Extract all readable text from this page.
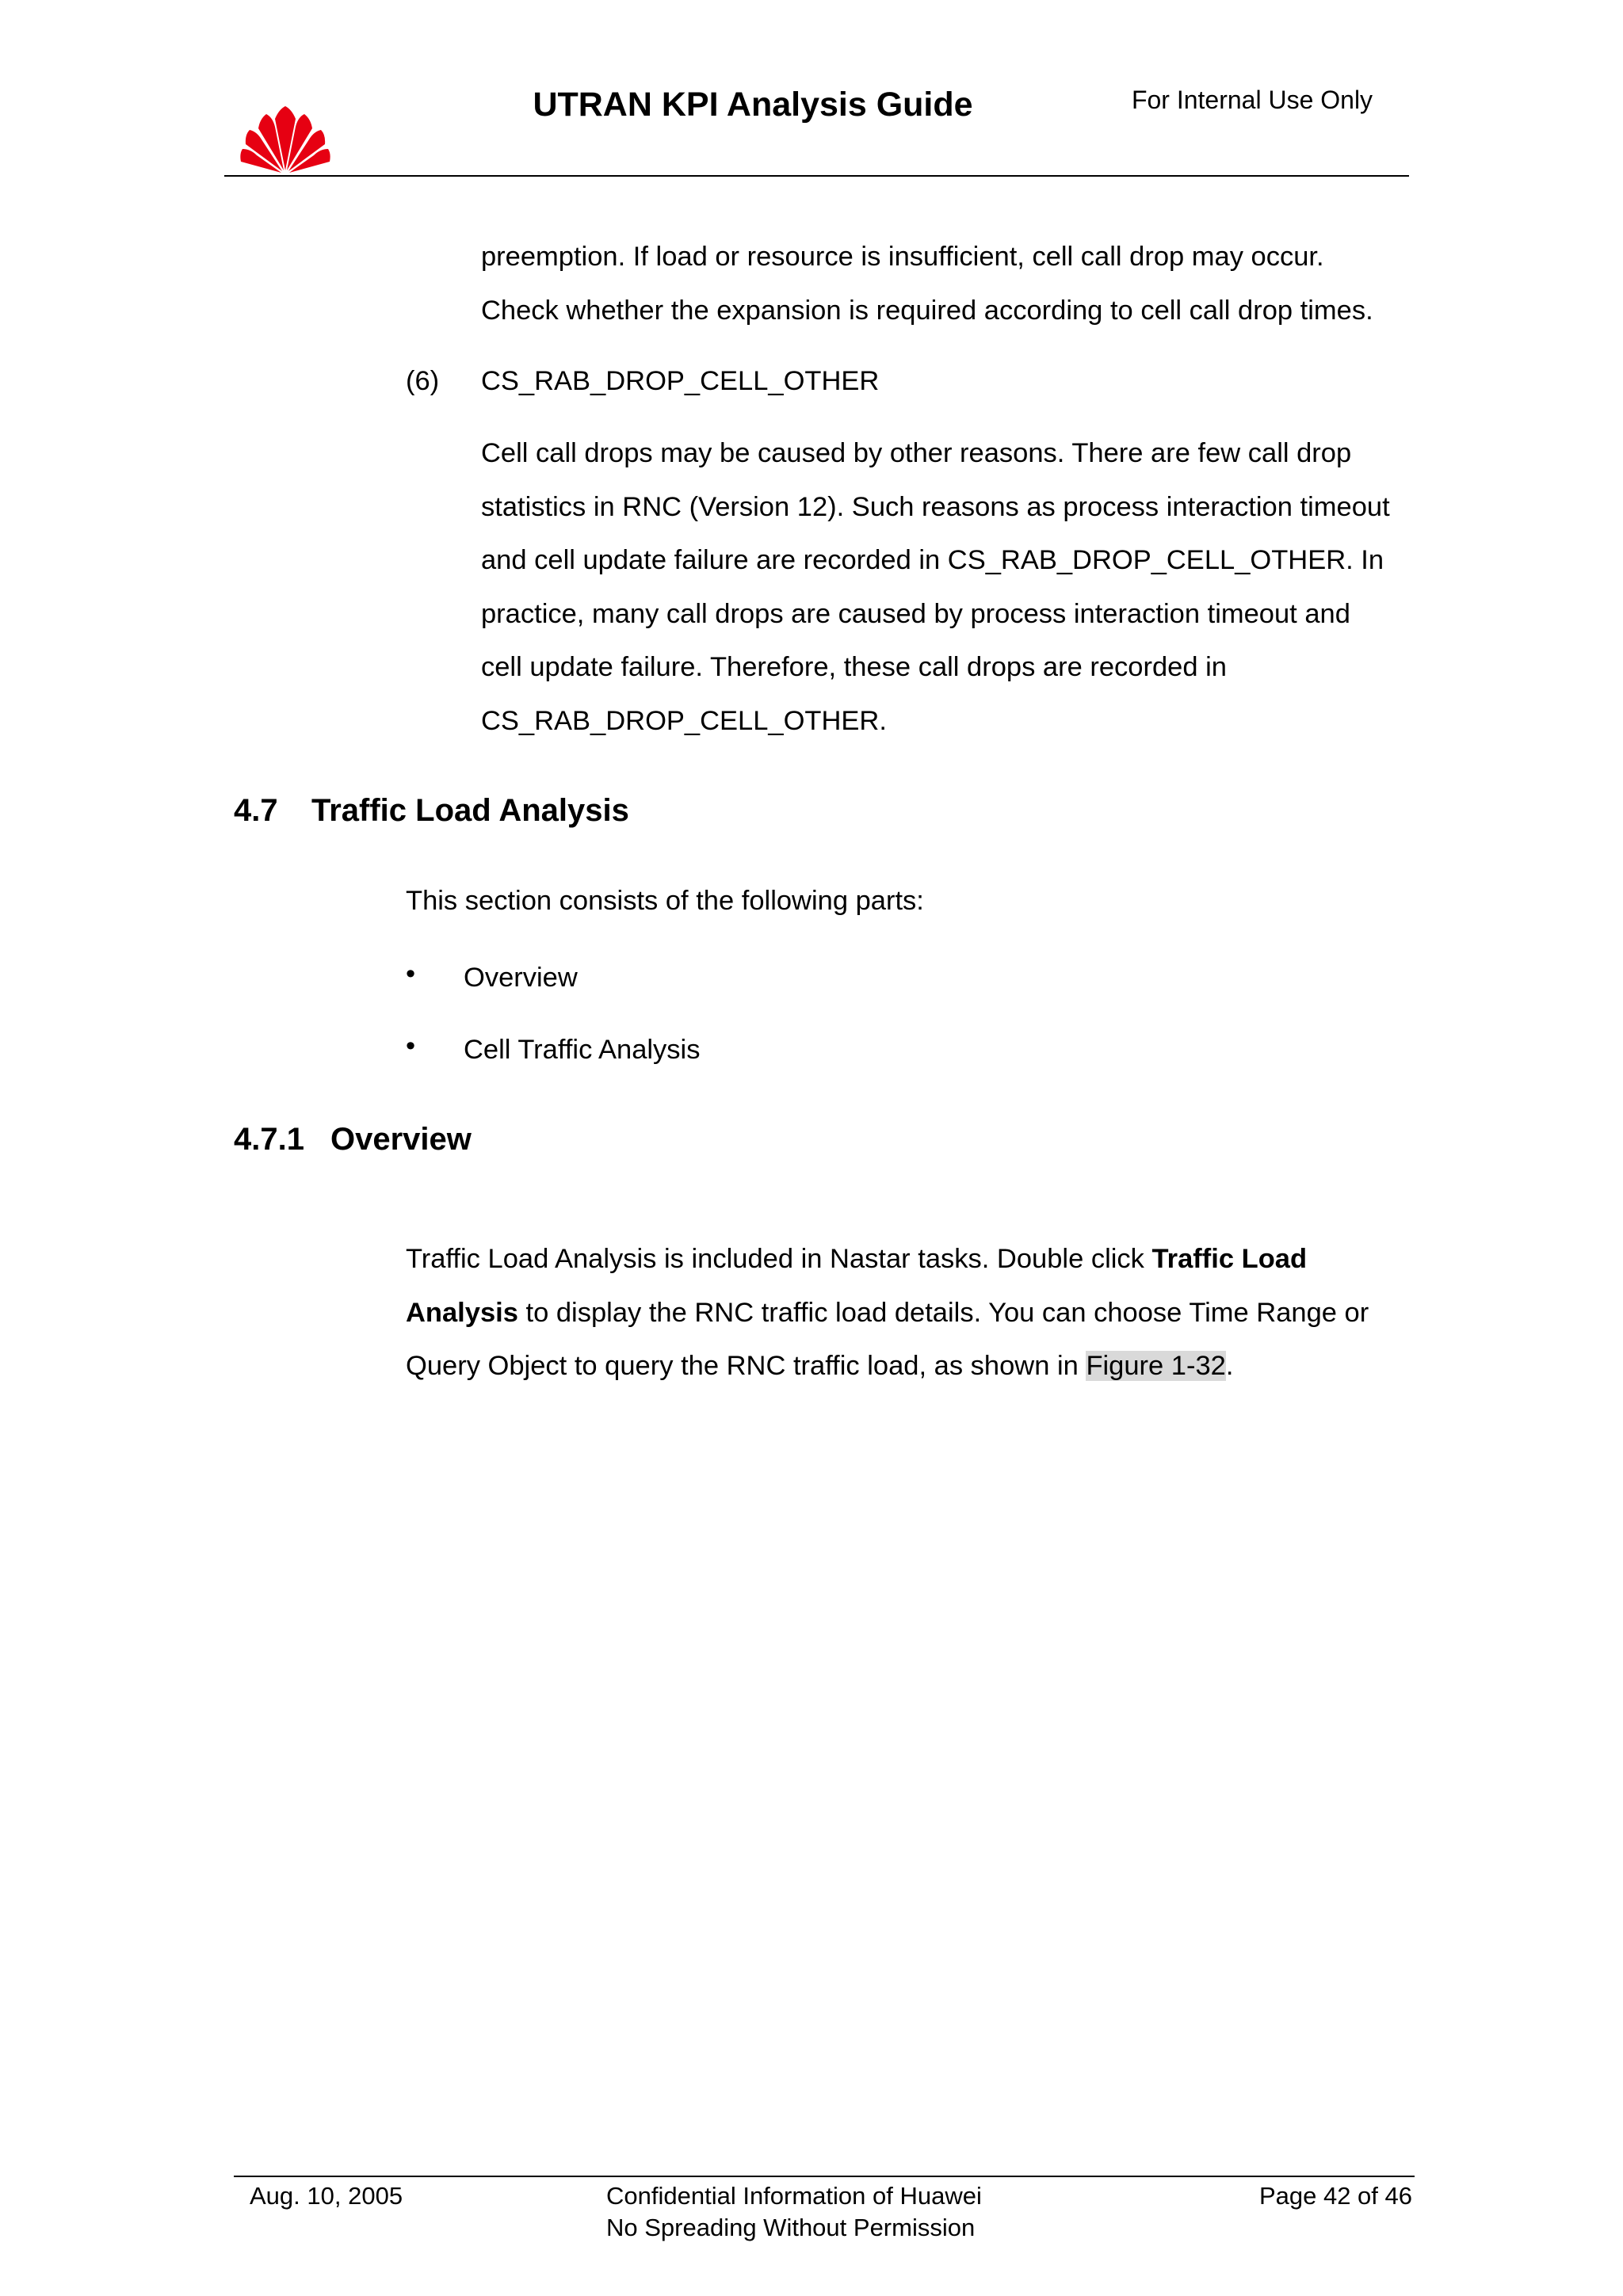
UTRAN KPI Analysis Guide	For Internal Use Only

preemption. If load or resource is insufficient, cell call drop may occur.

Check whether the expansion is required according to cell call drop times.

(6) CS_RAB_DROP_CELL_OTHER

Cell call drops may be caused by other reasons. There are few call drop

statistics in RNC (Version 12). Such reasons as process interaction timeout

and cell update failure are recorded in CS_RAB_DROP_CELL_OTHER. In

practice, many call drops are caused by process interaction timeout and

cell update failure. Therefore, these call drops are recorded in

CS_RAB_DROP_CELL_OTHER.

4.7 Traffic Load Analysis
This section consists of the following parts:
• Overview
• Cell Traffic Analysis
4.7.1 Overview

Traffic Load Analysis is included in Nastar tasks. Double click Traffic Load

Analysis to display the RNC traffic load details. You can choose Time Range or

Query Object to query the RNC traffic load, as shown in Figure 1-32.

Aug. 10, 2005	Confidential Information of Huawei
No Spreading Without Permission
Page 42 of 46
